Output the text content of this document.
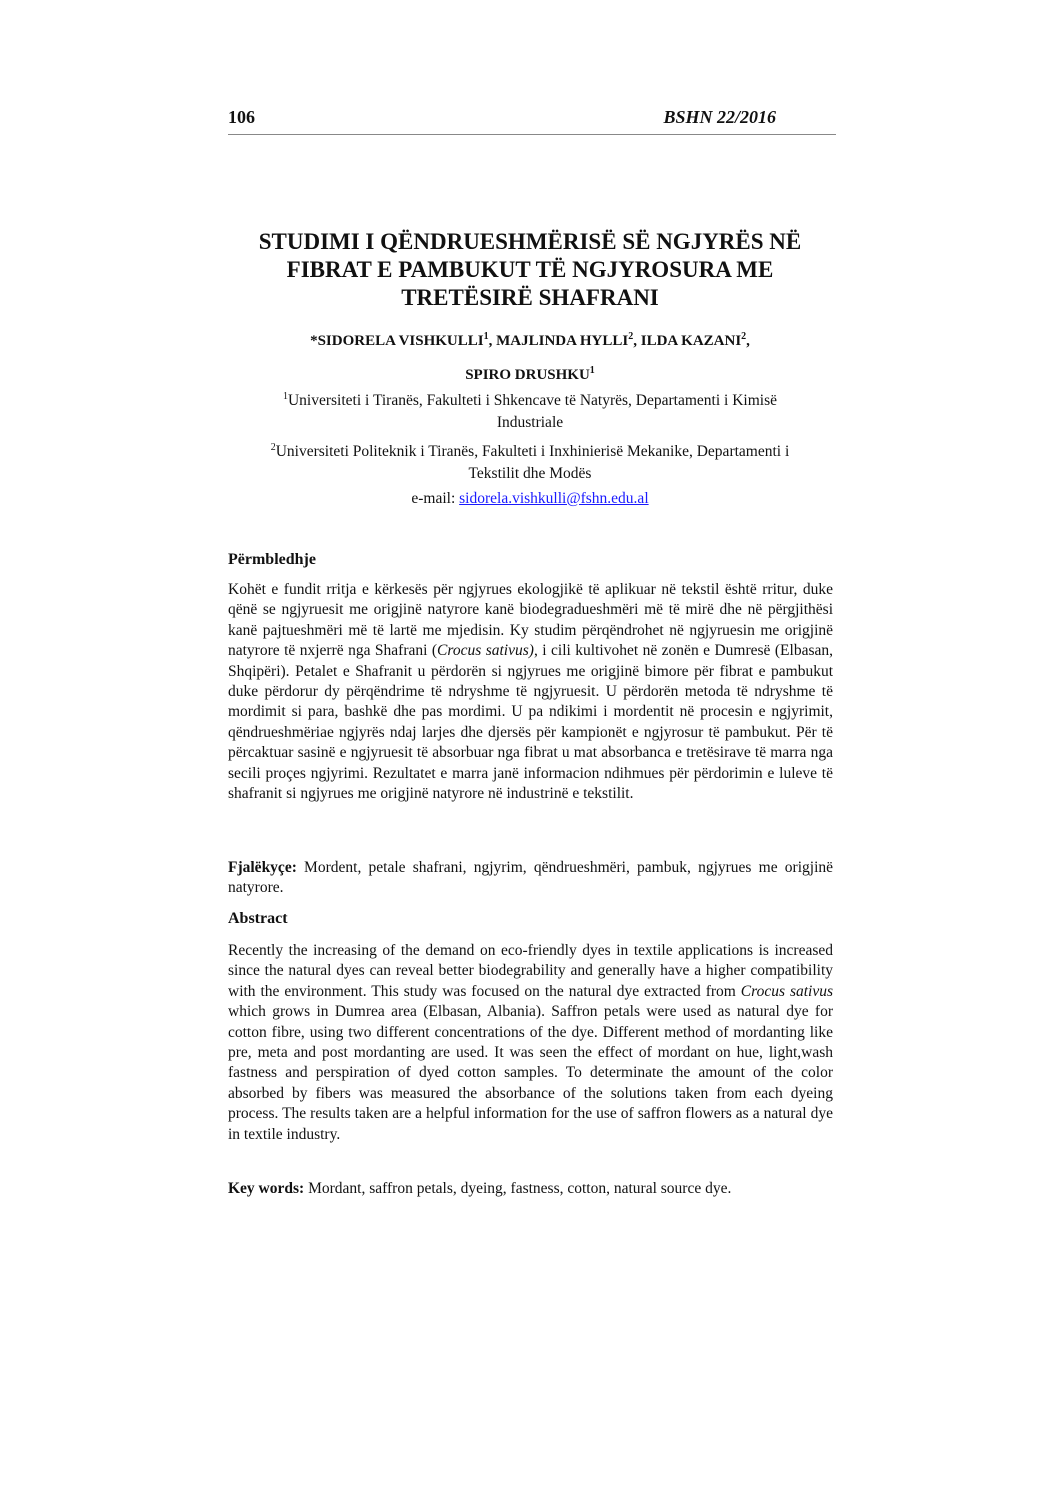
106	BSHN 22/2016
STUDIMI I QËNDRUESHMËRISË SË NGJYRËS NË
FIBRAT E PAMBUKUT TË NGJYROSURA ME
TRETËSIRË SHAFRANI
*SIDORELA VISHKULLI$^1$, MAJLINDA HYLLI$^2$, ILDA KAZANI$^2$,
SPIRO DRUSHKU$^1$
$^1$Universiteti i Tiranës, Fakulteti i Shkencave të Natyrës, Departamenti i Kimisë
Industriale
$^2$Universiteti Politeknik i Tiranës, Fakulteti i Inxhinierisë Mekanike, Departamenti i
Tekstilit dhe Modës
e-mail: sidorela.vishkulli@fshn.edu.al
Përmbledhje
Kohët e fundit rritja e kërkesës për ngjyrues ekologjikë të aplikuar në tekstil është rritur, duke qënë se ngjyruesit me origjinë natyrore kanë biodegradueshmëri më të mirë dhe në përgjithësi kanë pajtueshmëri më të lartë me mjedisin. Ky studim përqëndrohet në ngjyruesin me origjinë natyrore të nxjerrë nga Shafrani (Crocus sativus), i cili kultivohet në zonën e Dumresë (Elbasan, Shqipëri). Petalet e Shafranit u përdorën si ngjyrues me origjinë bimore për fibrat e pambukut duke përdorur dy përqëndrime të ndryshme të ngjyruesit. U përdorën metoda të ndryshme të mordimit si para, bashkë dhe pas mordimi. U pa ndikimi i mordentit në procesin e ngjyrimit, qëndrueshmëriae ngjyrës ndaj larjes dhe djersës për kampionët e ngjyrosur të pambukut. Për të përcaktuar sasinë e ngjyruesit të absorbuar nga fibrat u mat absorbanca e tretësirave të marra nga secili proçes ngjyrimi. Rezultatet e marra janë informacion ndihmues për përdorimin e luleve të shafranit si ngjyrues me origjinë natyrore në industrinë e tekstilit.
Fjalëkyçe: Mordent, petale shafrani, ngjyrim, qëndrueshmëri, pambuk, ngjyrues me origjinë natyrore.
Abstract
Recently the increasing of the demand on eco-friendly dyes in textile applications is increased since the natural dyes can reveal better biodegrability and generally have a higher compatibility with the environment. This study was focused on the natural dye extracted from Crocus sativus which grows in Dumrea area (Elbasan, Albania). Saffron petals were used as natural dye for cotton fibre, using two different concentrations of the dye. Different method of mordanting like pre, meta and post mordanting are used. It was seen the effect of mordant on hue, light,wash fastness and perspiration of dyed cotton samples. To determinate the amount of the color absorbed by fibers was measured the absorbance of the solutions taken from each dyeing process. The results taken are a helpful information for the use of saffron flowers as a natural dye in textile industry.
Key words: Mordant, saffron petals, dyeing, fastness, cotton, natural source dye.
